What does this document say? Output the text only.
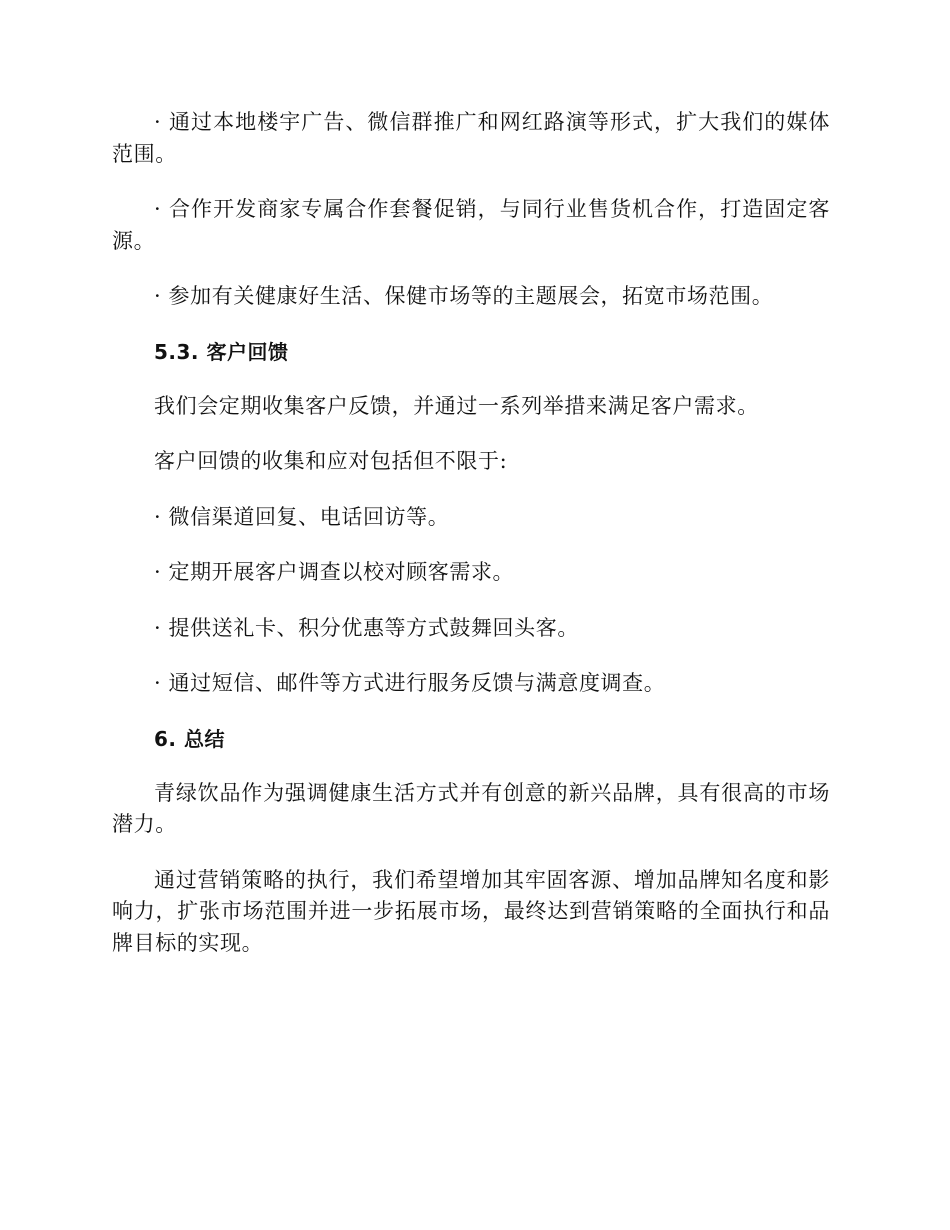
· 通过本地楼宇广告、微信群推广和网红路演等形式，扩大我们的媒体范围。

· 合作开发商家专属合作套餐促销，与同行业售货机合作，打造固定客源。

· 参加有关健康好生活、保健市场等的主题展会，拓宽市场范围。

5.3. 客户回馈

我们会定期收集客户反馈，并通过一系列举措来满足客户需求。

客户回馈的收集和应对包括但不限于:

· 微信渠道回复、电话回访等。

· 定期开展客户调查以校对顾客需求。

· 提供送礼卡、积分优惠等方式鼓舞回头客。

· 通过短信、邮件等方式进行服务反馈与满意度调查。

6. 总结

青绿饮品作为强调健康生活方式并有创意的新兴品牌，具有很高的市场潜力。

通过营销策略的执行，我们希望增加其牢固客源、增加品牌知名度和影响力，扩张市场范围并进一步拓展市场，最终达到营销策略的全面执行和品牌目标的实现。
